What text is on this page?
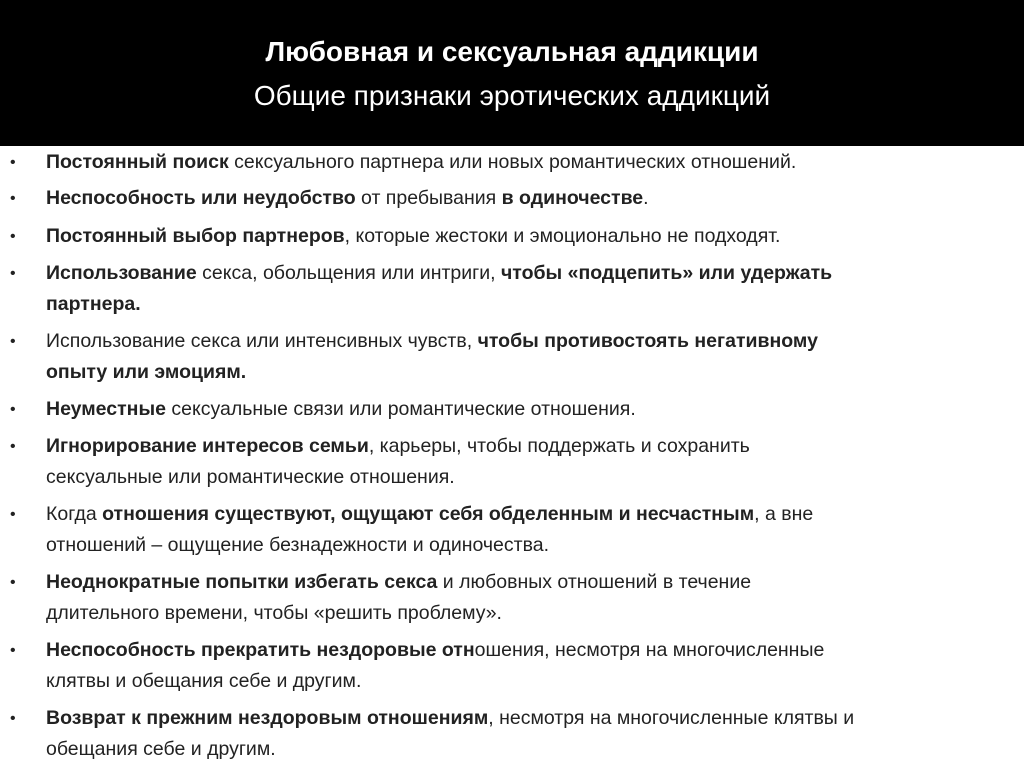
Любовная и сексуальная аддикции
Общие признаки эротических аддикций
•	Постоянный поиск сексуального партнера или новых романтических отношений.
•	Неспособность или неудобство от пребывания в одиночестве.
•	Постоянный выбор партнеров, которые жестоки и эмоционально не подходят.
•	Использование секса, обольщения или интриги, чтобы «подцепить» или удержать
партнера.
•	Использование секса или интенсивных чувств, чтобы противостоять негативному
опыту или эмоциям.
•	Неуместные сексуальные связи или романтические отношения.
•	Игнорирование интересов семьи, карьеры, чтобы поддержать и сохранить
сексуальные или романтические отношения.
•	Когда отношения существуют, ощущают себя обделенным и несчастным, а вне
отношений – ощущение безнадежности и одиночества.
•	Неоднократные попытки избегать секса и любовных отношений в течение
длительного времени, чтобы «решить проблему».
•	Неспособность прекратить нездоровые отношения, несмотря на многочисленные
клятвы и обещания себе и другим.
•	Возврат к прежним нездоровым отношениям, несмотря на многочисленные клятвы и
обещания себе и другим.
